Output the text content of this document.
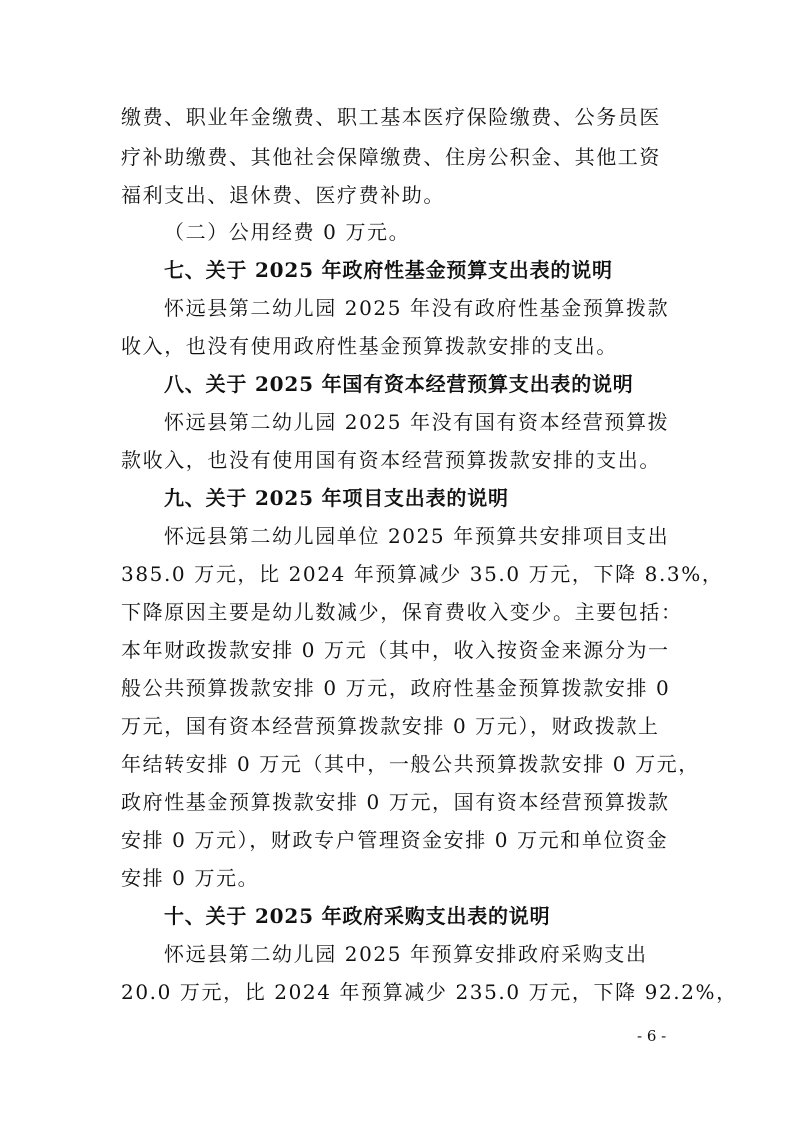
缴费、职业年金缴费、职工基本医疗保险缴费、公务员医
疗补助缴费、其他社会保障缴费、住房公积金、其他工资
福利支出、退休费、医疗费补助。
（二）公用经费 0 万元。
七、关于 2025 年政府性基金预算支出表的说明
怀远县第二幼儿园 2025 年没有政府性基金预算拨款
收入，也没有使用政府性基金预算拨款安排的支出。
八、关于 2025 年国有资本经营预算支出表的说明
怀远县第二幼儿园 2025 年没有国有资本经营预算拨
款收入，也没有使用国有资本经营预算拨款安排的支出。
九、关于 2025 年项目支出表的说明
怀远县第二幼儿园单位 2025 年预算共安排项目支出
385.0 万元，比 2024 年预算减少 35.0 万元，下降 8.3%，
下降原因主要是幼儿数减少，保育费收入变少。主要包括：
本年财政拨款安排 0 万元（其中，收入按资金来源分为一
般公共预算拨款安排 0 万元，政府性基金预算拨款安排 0
万元，国有资本经营预算拨款安排 0 万元），财政拨款上
年结转安排 0 万元（其中，一般公共预算拨款安排 0 万元，
政府性基金预算拨款安排 0 万元，国有资本经营预算拨款
安排 0 万元），财政专户管理资金安排 0 万元和单位资金
安排 0 万元。
十、关于 2025 年政府采购支出表的说明
怀远县第二幼儿园 2025 年预算安排政府采购支出
20.0 万元，比 2024 年预算减少 235.0 万元，下降 92.2%，
- 6 -
